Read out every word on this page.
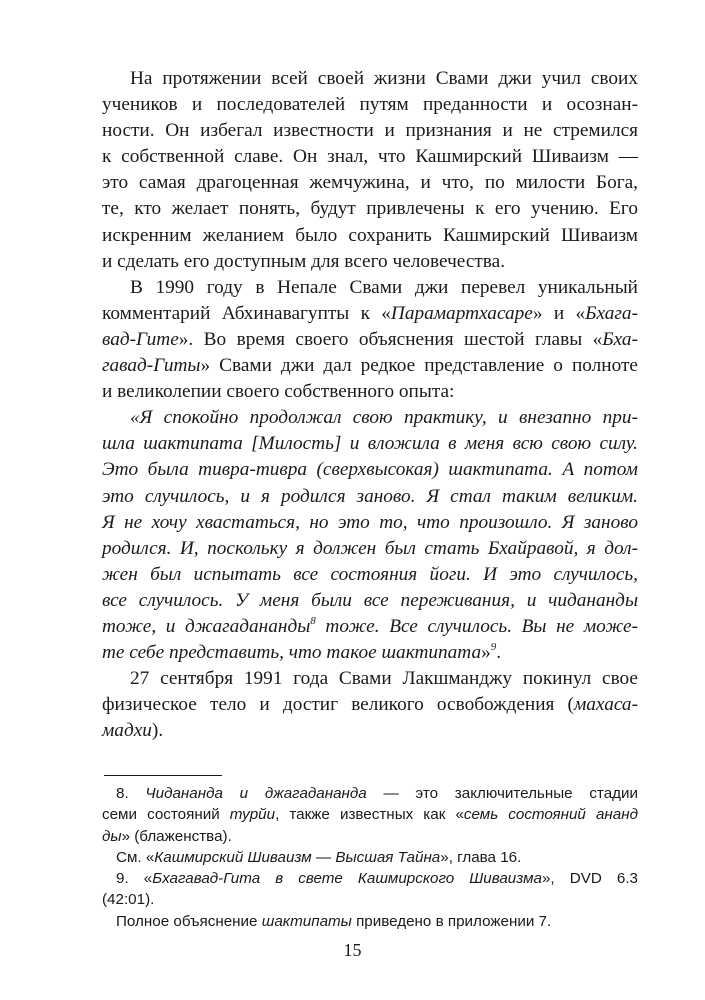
На протяжении всей своей жизни Свами джи учил своих
учеников и последователей путям преданности и осознан-
ности. Он избегал известности и признания и не стремился
к собственной славе. Он знал, что Кашмирский Шиваизм —
это самая драгоценная жемчужина, и что, по милости Бога,
те, кто желает понять, будут привлечены к его учению. Его
искренним желанием было сохранить Кашмирский Шиваизм
и сделать его доступным для всего человечества.
В 1990 году в Непале Свами джи перевел уникальный
комментарий Абхинавагупты к «Парамартхасаре» и «Бхага-
вад-Гите». Во время своего объяснения шестой главы «Бха-
гавад-Гиты» Свами джи дал редкое представление о полноте
и великолепии своего собственного опыта:
«Я спокойно продолжал свою практику, и внезапно при-
шла шактипата [Милость] и вложила в меня всю свою силу.
Это была тивра-тивра (сверхвысокая) шактипата. А потом
это случилось, и я родился заново. Я стал таким великим.
Я не хочу хвастаться, но это то, что произошло. Я заново
родился. И, поскольку я должен был стать Бхайравой, я дол-
жен был испытать все состояния йоги. И это случилось,
все случилось. У меня были все переживания, и чидананды
тоже, и джагадананды$^8$ тоже. Все случилось. Вы не може-
те себе представить, что такое шактипата»$^9$.
27 сентября 1991 года Свами Лакшманджу покинул свое
физическое тело и достиг великого освобождения (махаса-
мадхи).
8. Чидананда и джагадананда — это заключительные стадии
семи состояний турйи, также известных как «семь состояний ананд
ды» (блаженства).
См. «Кашмирский Шиваизм — Высшая Тайна», глава 16.
9. «Бхагавад-Гита в свете Кашмирского Шиваизма», DVD 6.3
(42:01).
Полное объяснение шактипаты приведено в приложении 7.
15
